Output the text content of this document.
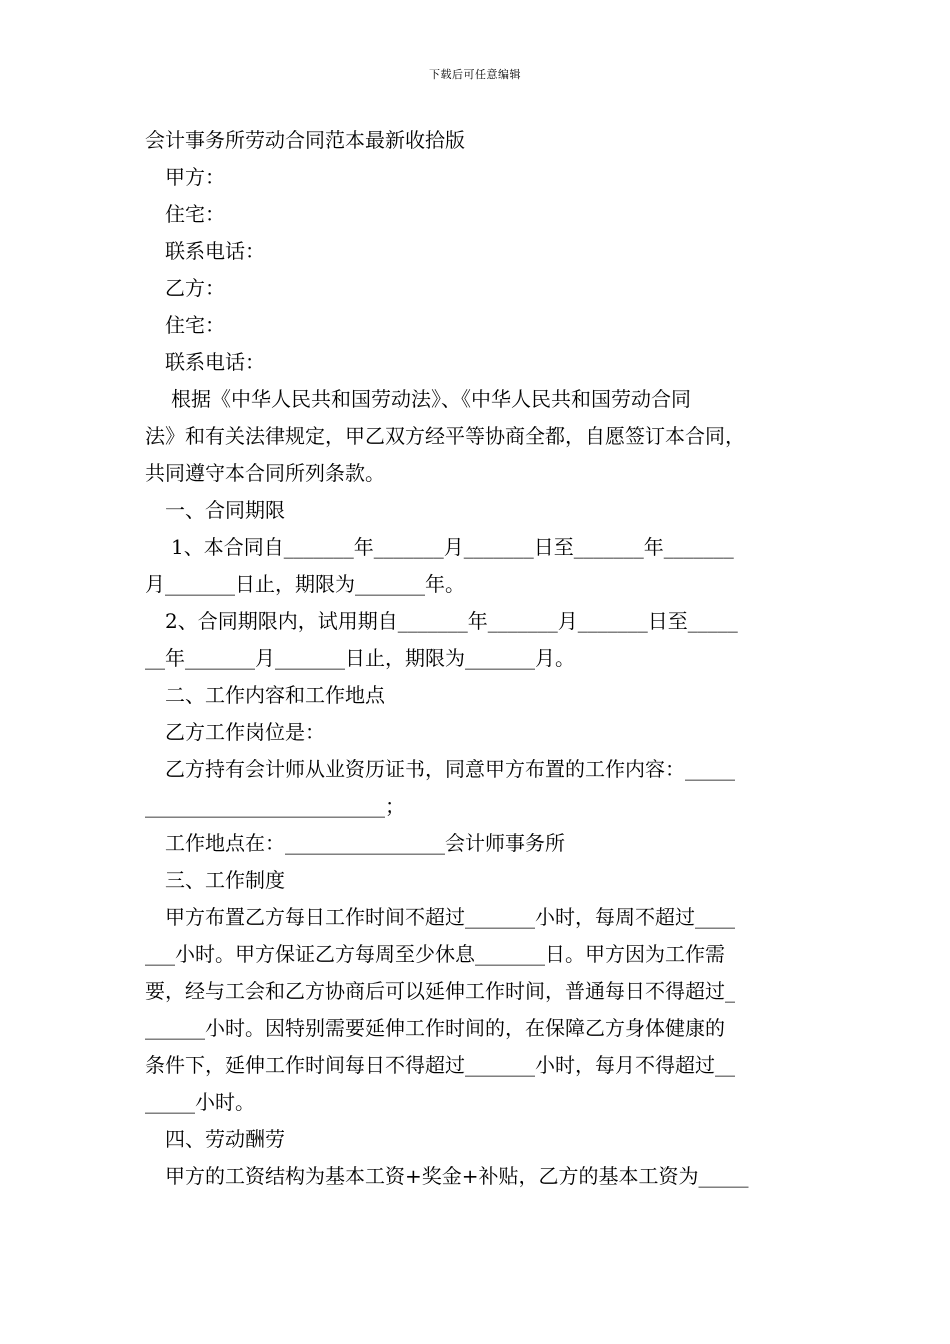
下载后可任意编辑

会计事务所劳动合同范本最新收拾版

甲方：

住宅：

联系电话：

乙方：

住宅：

联系电话：

根据《中华人民共和国劳动法》、《中华人民共和国劳动合同

法》和有关法律规定，甲乙双方经平等协商全都，自愿签订本合同，

共同遵守本合同所列条款。

一、合同期限

1、本合同自_______年_______月_______日至_______年_______

月_______日止，期限为_______年。

2、合同期限内，试用期自_______年_______月_______日至_____

__年_______月_______日止，期限为_______月。

二、工作内容和工作地点

乙方工作岗位是：

乙方持有会计师从业资历证书，同意甲方布置的工作内容：_____

________________________；

工作地点在：________________会计师事务所

三、工作制度

甲方布置乙方每日工作时间不超过_______小时，每周不超过____

___小时。甲方保证乙方每周至少休息_______日。甲方因为工作需

要，经与工会和乙方协商后可以延伸工作时间，普通每日不得超过_

______小时。因特别需要延伸工作时间的，在保障乙方身体健康的

条件下，延伸工作时间每日不得超过_______小时，每月不得超过__

_____小时。

四、劳动酬劳

甲方的工资结构为基本工资+奖金+补贴，乙方的基本工资为_____
